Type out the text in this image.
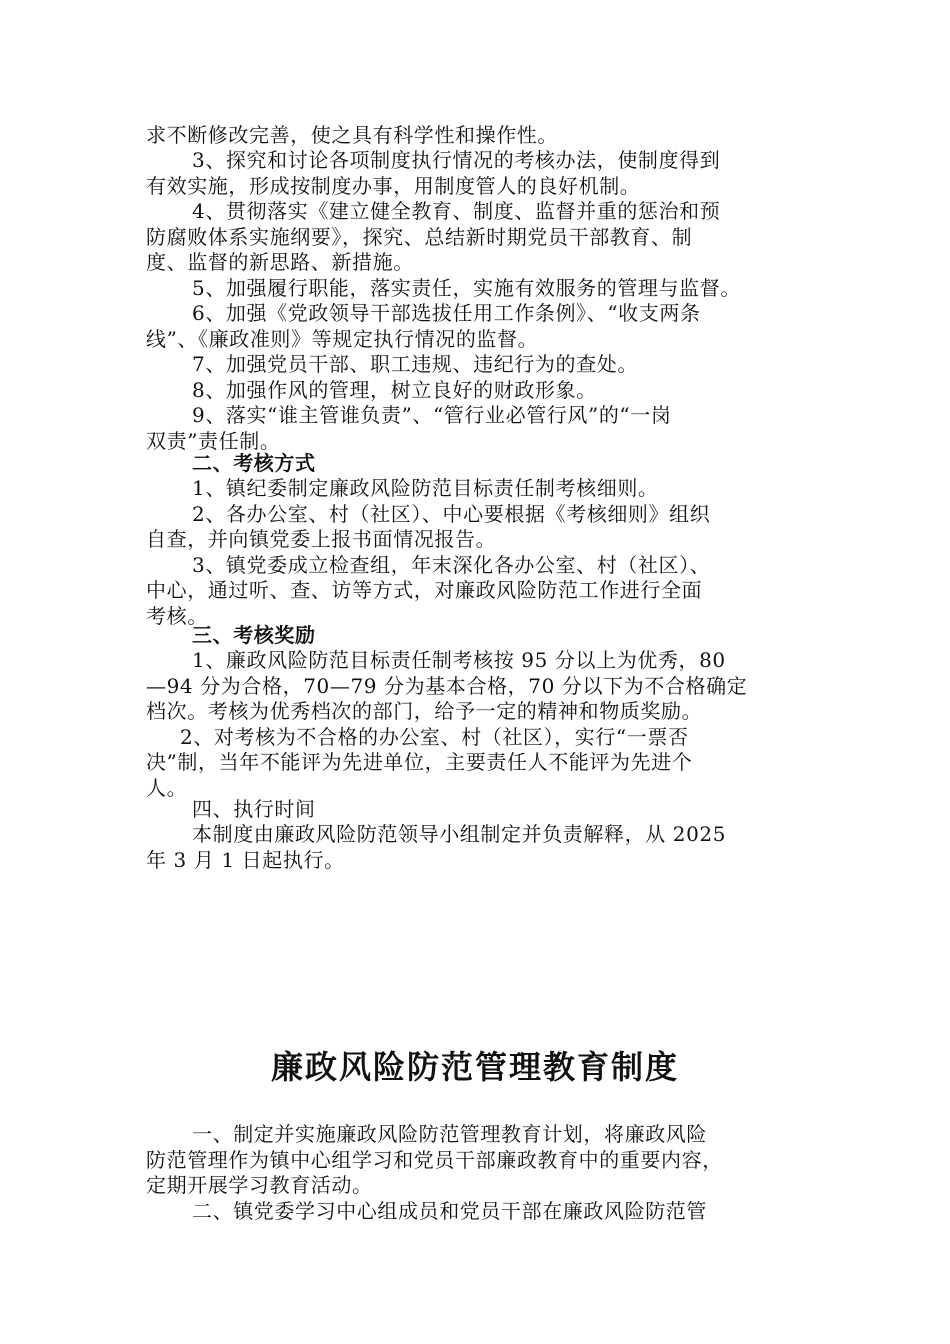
求不断修改完善，使之具有科学性和操作性。
3、探究和讨论各项制度执行情况的考核办法，使制度得到
有效实施，形成按制度办事，用制度管人的良好机制。
4、贯彻落实《建立健全教育、制度、监督并重的惩治和预
防腐败体系实施纲要》，探究、总结新时期党员干部教育、制
度、监督的新思路、新措施。
5、加强履行职能，落实责任，实施有效服务的管理与监督。
6、加强《党政领导干部选拔任用工作条例》、“收支两条
线”、《廉政准则》等规定执行情况的监督。
7、加强党员干部、职工违规、违纪行为的查处。
8、加强作风的管理，树立良好的财政形象。
9、落实“谁主管谁负责”、“管行业必管行风”的“一岗
双责”责任制。
二、考核方式
1、镇纪委制定廉政风险防范目标责任制考核细则。
2、各办公室、村（社区）、中心要根据《考核细则》组织
自查，并向镇党委上报书面情况报告。
3、镇党委成立检查组，年末深化各办公室、村（社区）、
中心，通过听、查、访等方式，对廉政风险防范工作进行全面
考核。
三、考核奖励
1、廉政风险防范目标责任制考核按 95 分以上为优秀，80
—94 分为合格，70—79 分为基本合格，70 分以下为不合格确定
档次。考核为优秀档次的部门，给予一定的精神和物质奖励。
2、对考核为不合格的办公室、村（社区），实行“一票否
决”制，当年不能评为先进单位，主要责任人不能评为先进个
人。
四、执行时间
本制度由廉政风险防范领导小组制定并负责解释，从 2025
年 3 月 1 日起执行。
廉政风险防范管理教育制度
一、制定并实施廉政风险防范管理教育计划，将廉政风险
防范管理作为镇中心组学习和党员干部廉政教育中的重要内容，
定期开展学习教育活动。
二、镇党委学习中心组成员和党员干部在廉政风险防范管
